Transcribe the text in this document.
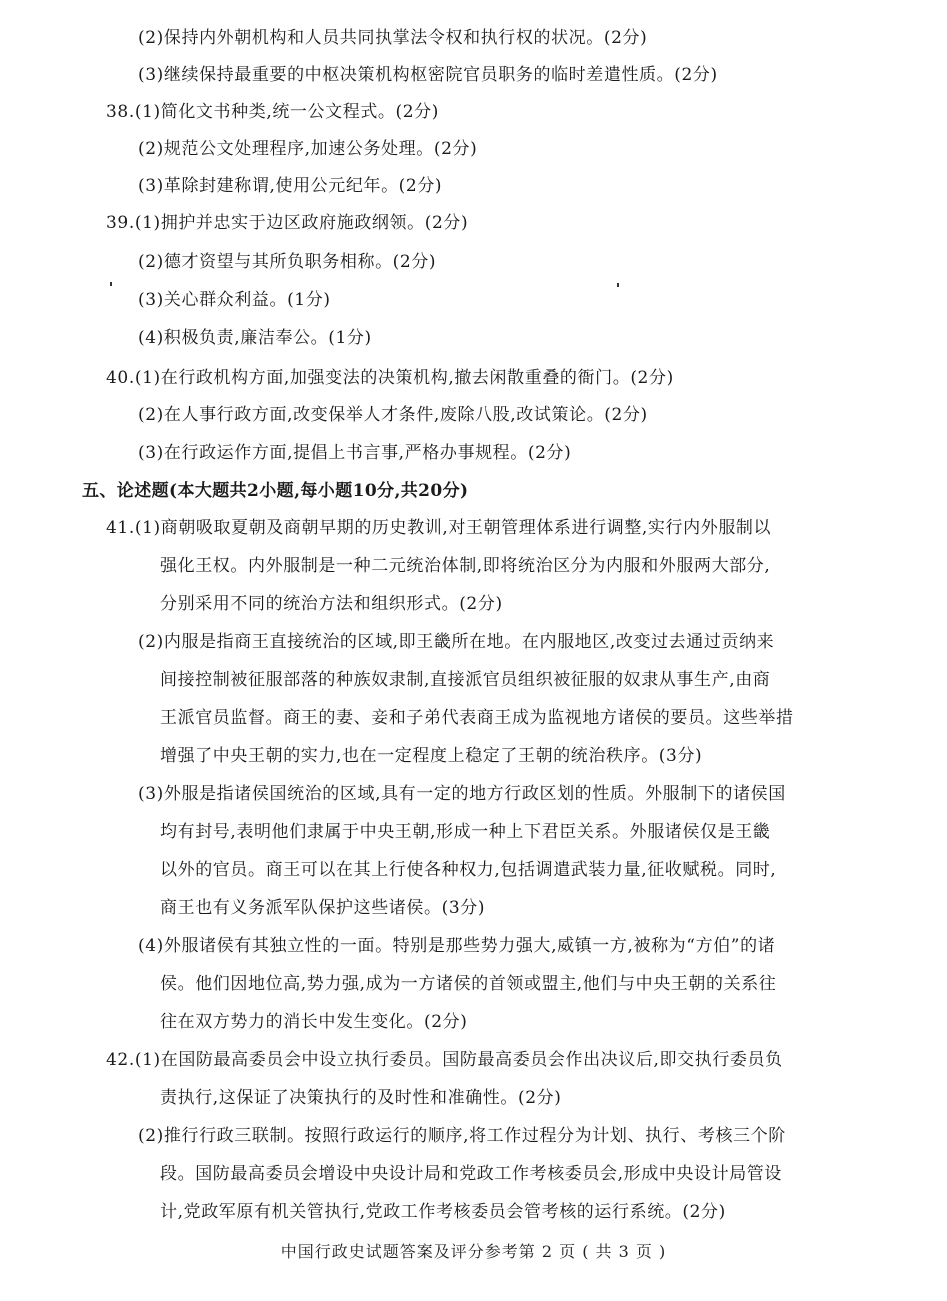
(2)保持内外朝机构和人员共同执掌法令权和执行权的状况。(2分)
(3)继续保持最重要的中枢决策机构枢密院官员职务的临时差遣性质。(2分)
38.(1)简化文书种类,统一公文程式。(2分)
(2)规范公文处理程序,加速公务处理。(2分)
(3)革除封建称谓,使用公元纪年。(2分)
39.(1)拥护并忠实于边区政府施政纲领。(2分)
(2)德才资望与其所负职务相称。(2分)
(3)关心群众利益。(1分)
(4)积极负责,廉洁奉公。(1分)
40.(1)在行政机构方面,加强变法的决策机构,撤去闲散重叠的衙门。(2分)
(2)在人事行政方面,改变保举人才条件,废除八股,改试策论。(2分)
(3)在行政运作方面,提倡上书言事,严格办事规程。(2分)
五、论述题(本大题共2小题,每小题10分,共20分)
41.(1)商朝吸取夏朝及商朝早期的历史教训,对王朝管理体系进行调整,实行内外服制以
强化王权。内外服制是一种二元统治体制,即将统治区分为内服和外服两大部分,
分别采用不同的统治方法和组织形式。(2分)
(2)内服是指商王直接统治的区域,即王畿所在地。在内服地区,改变过去通过贡纳来
间接控制被征服部落的种族奴隶制,直接派官员组织被征服的奴隶从事生产,由商
王派官员监督。商王的妻、妾和子弟代表商王成为监视地方诸侯的要员。这些举措
增强了中央王朝的实力,也在一定程度上稳定了王朝的统治秩序。(3分)
(3)外服是指诸侯国统治的区域,具有一定的地方行政区划的性质。外服制下的诸侯国
均有封号,表明他们隶属于中央王朝,形成一种上下君臣关系。外服诸侯仅是王畿
以外的官员。商王可以在其上行使各种权力,包括调遣武装力量,征收赋税。同时,
商王也有义务派军队保护这些诸侯。(3分)
(4)外服诸侯有其独立性的一面。特别是那些势力强大,威镇一方,被称为“方伯”的诸
侯。他们因地位高,势力强,成为一方诸侯的首领或盟主,他们与中央王朝的关系往
往在双方势力的消长中发生变化。(2分)
42.(1)在国防最高委员会中设立执行委员。国防最高委员会作出决议后,即交执行委员负
责执行,这保证了决策执行的及时性和准确性。(2分)
(2)推行行政三联制。按照行政运行的顺序,将工作过程分为计划、执行、考核三个阶
段。国防最高委员会增设中央设计局和党政工作考核委员会,形成中央设计局管设
计,党政军原有机关管执行,党政工作考核委员会管考核的运行系统。(2分)
中国行政史试题答案及评分参考第 2 页 ( 共 3 页 )
